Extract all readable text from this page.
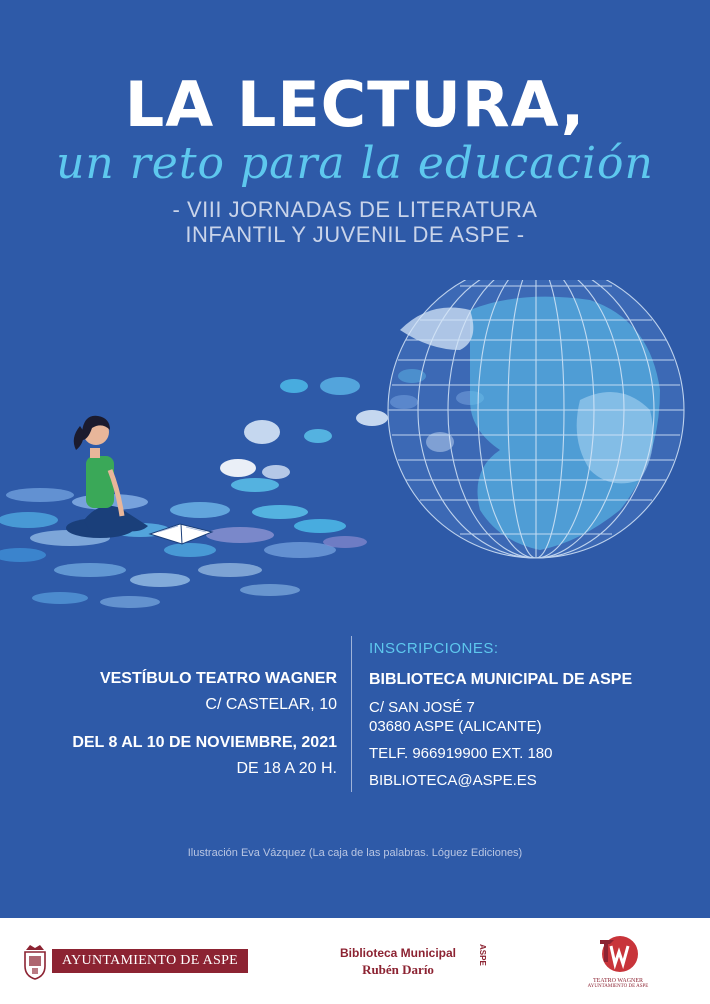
LA LECTURA,
un reto para la educación
- VIII JORNADAS DE LITERATURA
INFANTIL Y JUVENIL DE ASPE -
VESTÍBULO TEATRO WAGNER
C/ CASTELAR, 10
DEL 8 AL 10 DE NOVIEMBRE, 2021
DE 18 A 20 H.
INSCRIPCIONES:
BIBLIOTECA MUNICIPAL DE ASPE
C/ SAN JOSÉ 7
03680 ASPE (ALICANTE)
TELF. 966919900 EXT. 180
BIBLIOTECA@ASPE.ES
Ilustración Eva Vázquez (La caja de las palabras. Lóguez Ediciones)
AYUNTAMIENTO DE ASPE	Biblioteca Municipal
Rubén Darío
ASPE
TEATRO WAGNER
AYUNTAMIENTO DE ASPE
